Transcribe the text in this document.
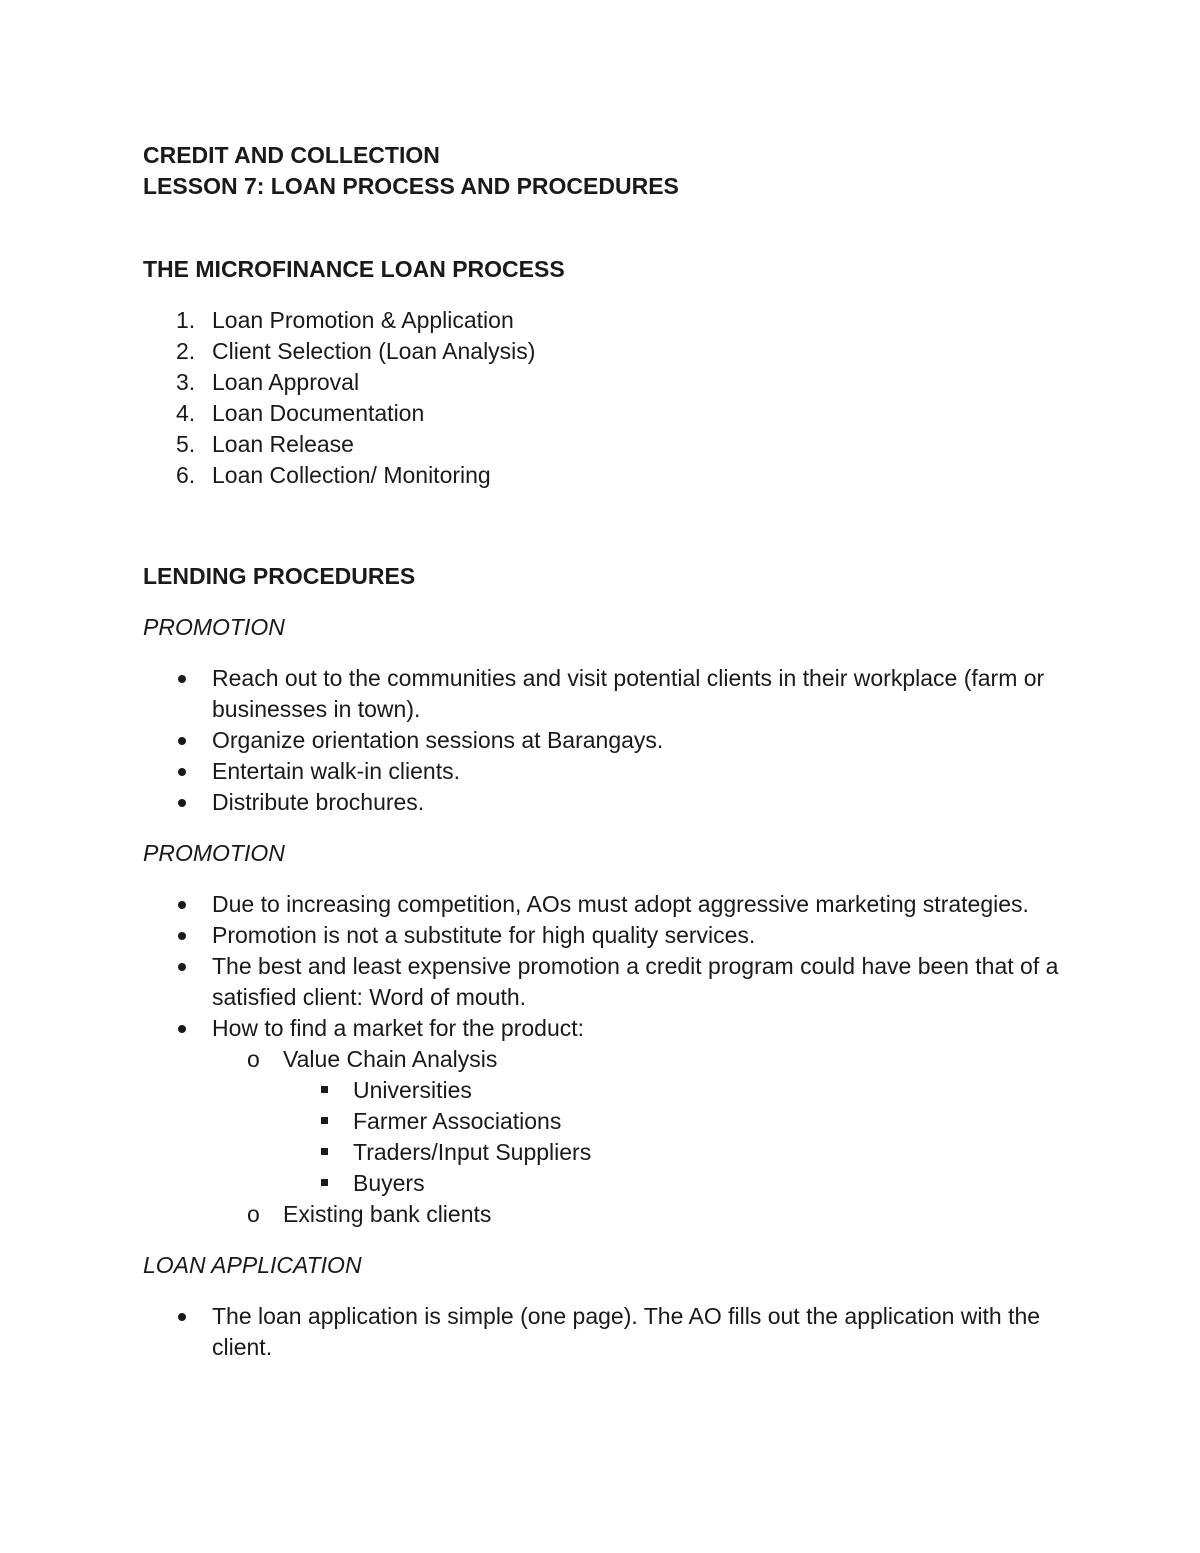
CREDIT AND COLLECTION

LESSON 7: LOAN PROCESS AND PROCEDURES

THE MICROFINANCE LOAN PROCESS

1. Loan Promotion & Application
2. Client Selection (Loan Analysis)
3. Loan Approval
4. Loan Documentation
5. Loan Release
6. Loan Collection/ Monitoring

LENDING PROCEDURES

PROMOTION

Reach out to the communities and visit potential clients in their workplace (farm or businesses in town).
Organize orientation sessions at Barangays.
Entertain walk-in clients.
Distribute brochures.

PROMOTION

Due to increasing competition, AOs must adopt aggressive marketing strategies.
Promotion is not a substitute for high quality services.
The best and least expensive promotion a credit program could have been that of a satisfied client: Word of mouth.
How to find a market for the product:
o Value Chain Analysis
Universities
Farmer Associations
Traders/Input Suppliers
Buyers
o Existing bank clients

LOAN APPLICATION

The loan application is simple (one page). The AO fills out the application with the client.
